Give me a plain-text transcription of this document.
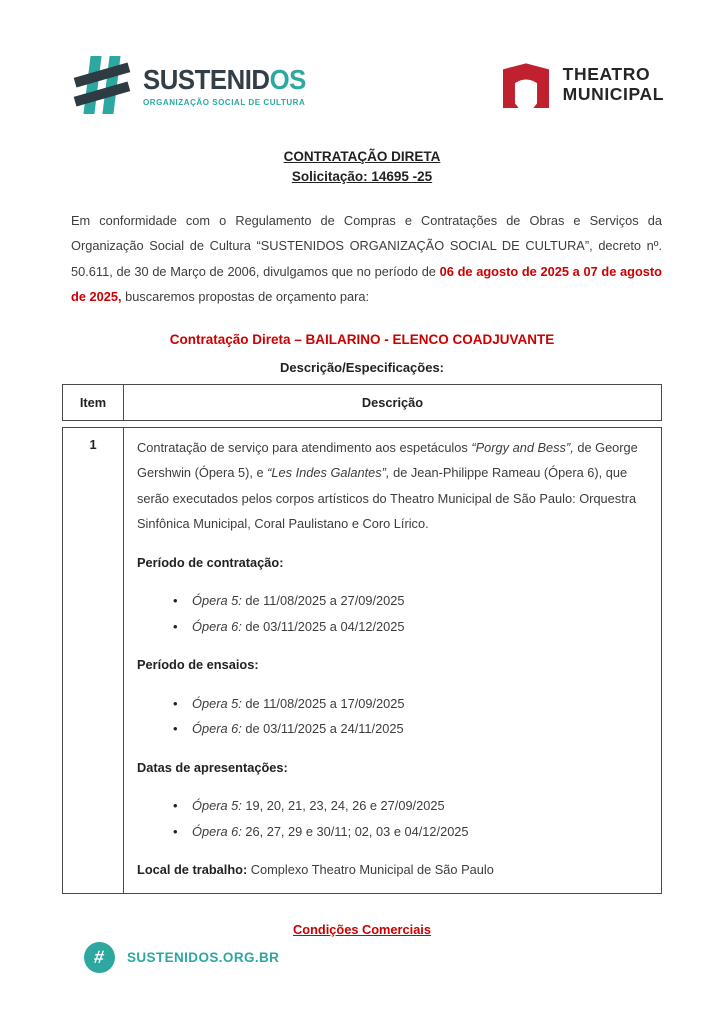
SUSTENIDOS
ORGANIZAÇÃO SOCIAL DE CULTURA
THEATRO
MUNICIPAL
CONTRATAÇÃO DIRETA
Solicitação: 14695 -25

Em conformidade com o Regulamento de Compras e Contratações de Obras e Serviços da Organização Social de Cultura “SUSTENIDOS ORGANIZAÇÃO SOCIAL DE CULTURA”, decreto nº. 50.611, de 30 de Março de 2006, divulgamos que no período de 06 de agosto de 2025 a 07 de agosto de 2025, buscaremos propostas de orçamento para:

Contratação Direta – BAILARINO - ELENCO COADJUVANTE
Descrição/Especificações:
Item	Descrição
1	Contratação de serviço para atendimento aos espetáculos “Porgy and Bess”, de George Gershwin (Ópera 5), e “Les Indes Galantes”, de Jean-Philippe Rameau (Ópera 6), que serão executados pelos corpos artísticos do Theatro Municipal de São Paulo: Orquestra Sinfônica Municipal, Coral Paulistano e Coro Lírico.

Período de contratação:

• Ópera 5: de 11/08/2025 a 27/09/2025
• Ópera 6: de 03/11/2025 a 04/12/2025

Período de ensaios:

• Ópera 5: de 11/08/2025 a 17/09/2025
• Ópera 6: de 03/11/2025 a 24/11/2025

Datas de apresentações:

• Ópera 5: 19, 20, 21, 23, 24, 26 e 27/09/2025
• Ópera 6: 26, 27, 29 e 30/11; 02, 03 e 04/12/2025

Local de trabalho: Complexo Theatro Municipal de São Paulo

Condições Comerciais
# SUSTENIDOS.ORG.BR
